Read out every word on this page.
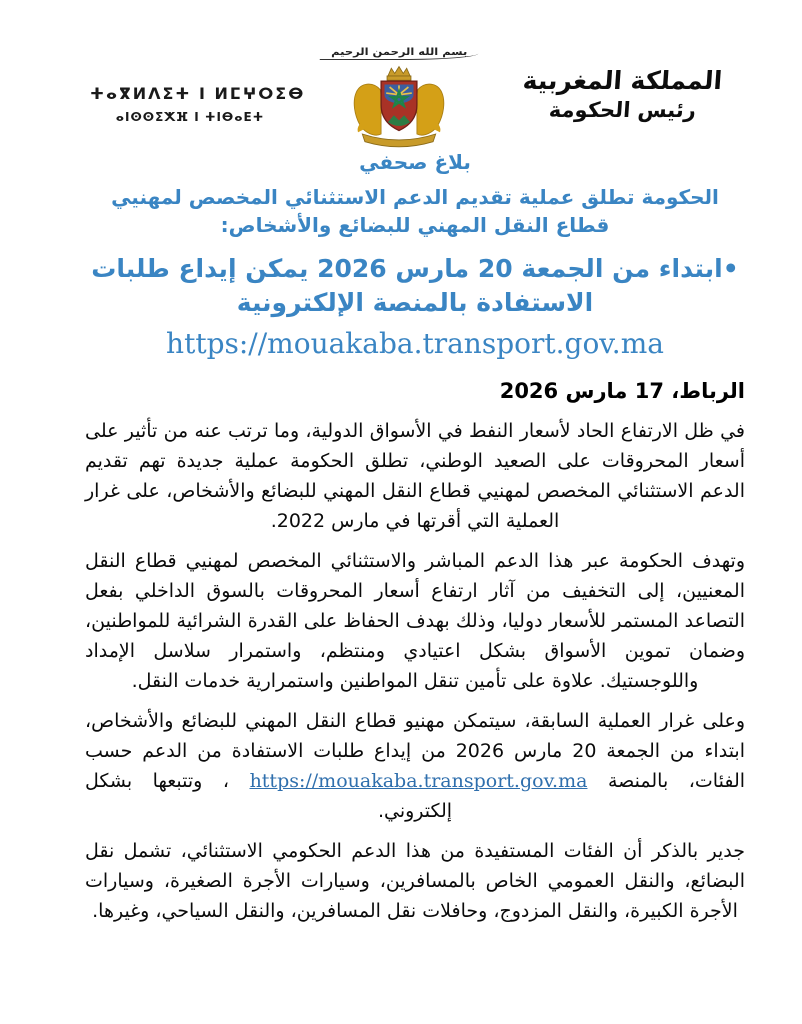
ⵜⴰⴳⵍⴷⵉⵜ ⵏ ⵍⵎⵖⵔⵉⴱ
ⴰⵏⵙⵙⵉⵅⴼ ⵏ ⵜⵏⴱⴰⴹⵜ
بسم الله الرحمن الرحيم
المملكة المغربية
رئيس الحكومة
بلاغ صحفي
الحكومة تطلق عملية تقديم الدعم الاستثنائي المخصص لمهنيي قطاع النقل المهني للبضائع والأشخاص:
•ابتداء من الجمعة 20 مارس 2026 يمكن إيداع طلبات الاستفادة بالمنصة الإلكترونية
https://mouakaba.transport.gov.ma
الرباط، 17 مارس 2026

في ظل الارتفاع الحاد لأسعار النفط في الأسواق الدولية، وما ترتب عنه من تأثير على أسعار المحروقات على الصعيد الوطني، تطلق الحكومة عملية جديدة تهم تقديم الدعم الاستثنائي المخصص لمهنيي قطاع النقل المهني للبضائع والأشخاص، على غرار العملية التي أقرتها في مارس 2022.

وتهدف الحكومة عبر هذا الدعم المباشر والاستثنائي المخصص لمهنيي قطاع النقل المعنيين، إلى التخفيف من آثار ارتفاع أسعار المحروقات بالسوق الداخلي بفعل التصاعد المستمر للأسعار دوليا، وذلك بهدف الحفاظ على القدرة الشرائية للمواطنين، وضمان تموين الأسواق بشكل اعتيادي ومنتظم، واستمرار سلاسل الإمداد واللوجستيك. علاوة على تأمين تنقل المواطنين واستمرارية خدمات النقل.

وعلى غرار العملية السابقة، سيتمكن مهنيو قطاع النقل المهني للبضائع والأشخاص، ابتداء من الجمعة 20 مارس 2026 من إيداع طلبات الاستفادة من الدعم حسب الفئات، بالمنصة https://mouakaba.transport.gov.ma ، وتتبعها بشكل إلكتروني.

جدير بالذكر أن الفئات المستفيدة من هذا الدعم الحكومي الاستثنائي، تشمل نقل البضائع، والنقل العمومي الخاص بالمسافرين، وسيارات الأجرة الصغيرة، وسيارات الأجرة الكبيرة، والنقل المزدوج، وحافلات نقل المسافرين، والنقل السياحي، وغيرها.
